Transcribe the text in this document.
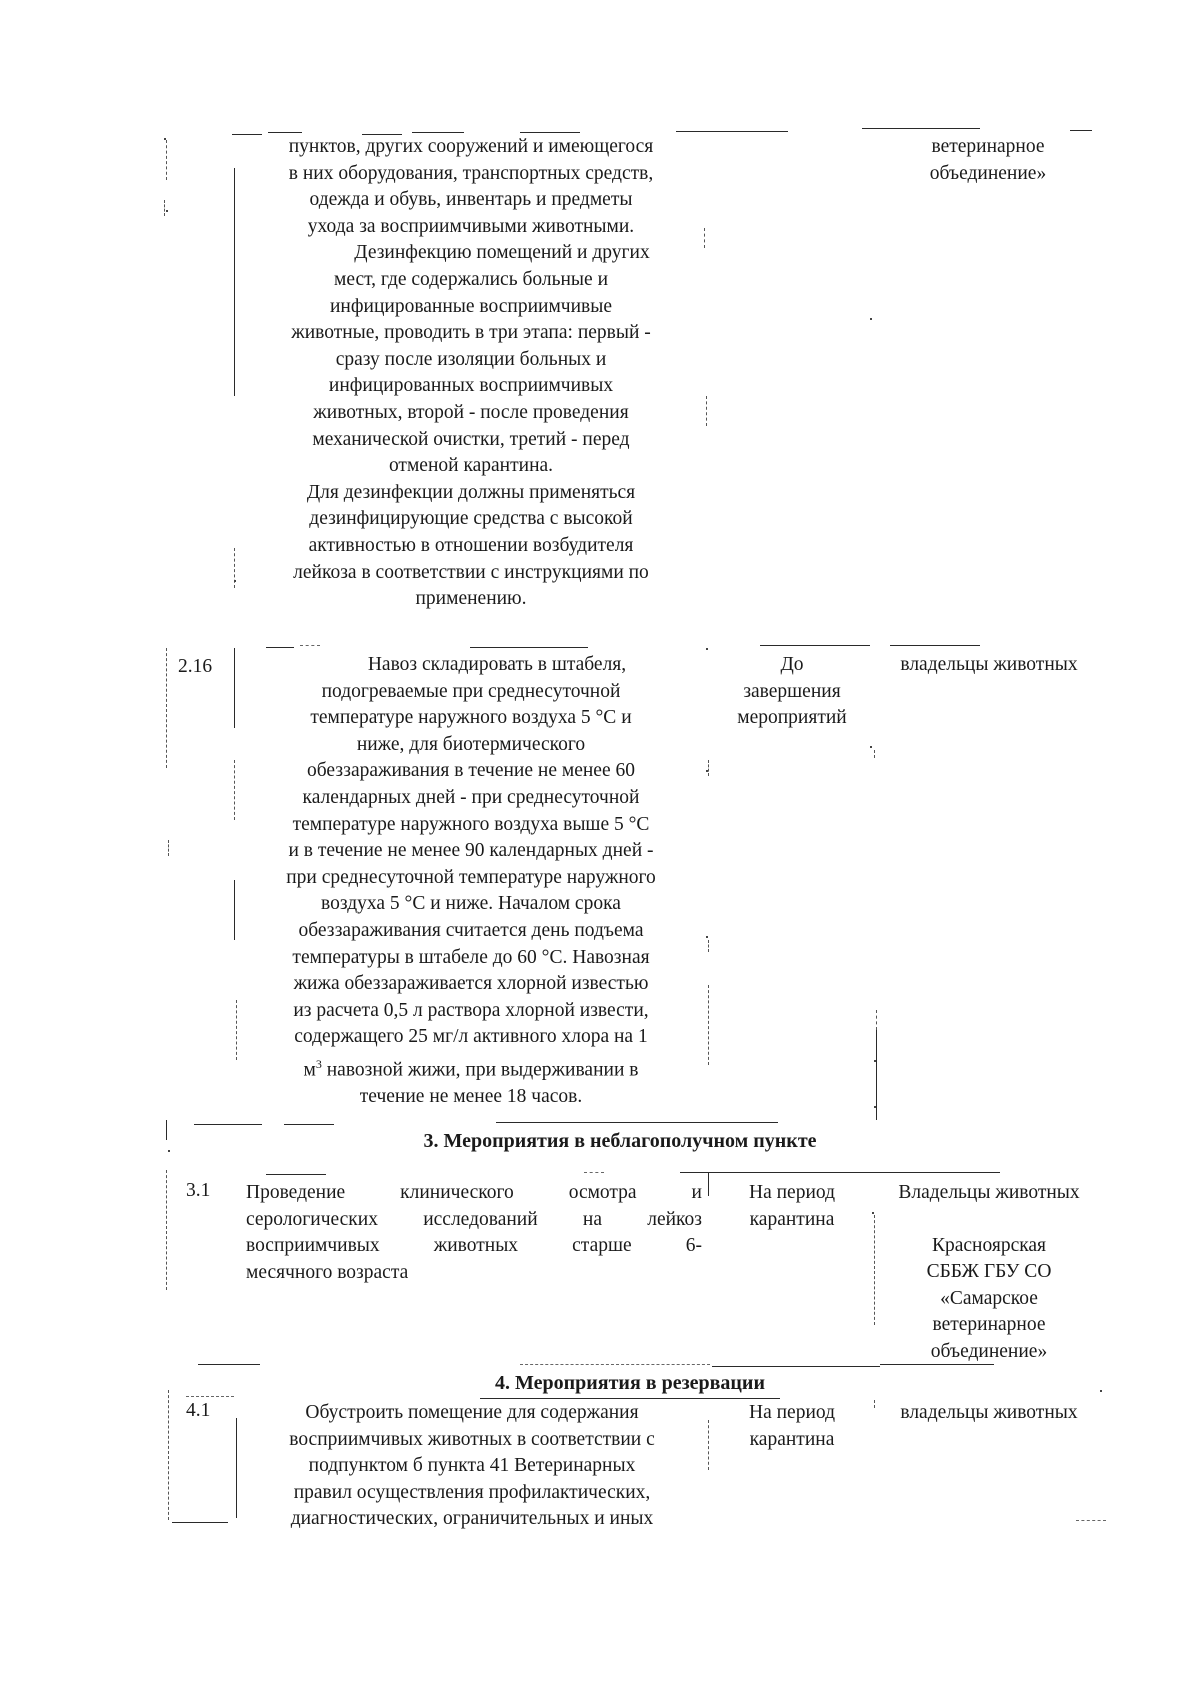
пунктов, других сооружений и имеющегося
в них оборудования, транспортных средств,
одежда и обувь, инвентарь и предметы
ухода за восприимчивыми животными.
Дезинфекцию помещений и других
мест, где содержались больные и
инфицированные восприимчивые
животные, проводить в три этапа: первый -
сразу после изоляции больных и
инфицированных восприимчивых
животных, второй - после проведения
механической очистки, третий - перед
отменой карантина.
Для дезинфекции должны применяться
дезинфицирующие средства с высокой
активностью в отношении возбудителя
лейкоза в соответствии с инструкциями по
применению.
ветеринарное
объединение»
2.16	Навоз складировать в штабеля,
подогреваемые при среднесуточной
температуре наружного воздуха 5 °С и
ниже, для биотермического
обеззараживания в течение не менее 60
календарных дней - при среднесуточной
температуре наружного воздуха выше 5 °С
и в течение не менее 90 календарных дней -
при среднесуточной температуре наружного
воздуха 5 °С и ниже. Началом срока
обеззараживания считается день подъема
температуры в штабеле до 60 °С. Навозная
жижа обеззараживается хлорной известью
из расчета 0,5 л раствора хлорной извести,
содержащего 25 мг/л активного хлора на 1
$м^3$ навозной жижи, при выдерживании в
течение не менее 18 часов.
До
завершения
мероприятий
владельцы животных
3. Мероприятия в неблагополучном пункте
3.1 Проведение клинического осмотра и
серологических исследований на лейкоз
восприимчивых животных старше 6-
месячного возраста
На период
карантина
Владельцы животных
Красноярская
СББЖ ГБУ СО
«Самарское
ветеринарное
объединение»
4. Мероприятия в резервации
4.1	Обустроить помещение для содержания
восприимчивых животных в соответствии с
подпунктом б пункта 41 Ветеринарных
правил осуществления профилактических,
диагностических, ограничительных и иных
На период
карантина
владельцы животных
